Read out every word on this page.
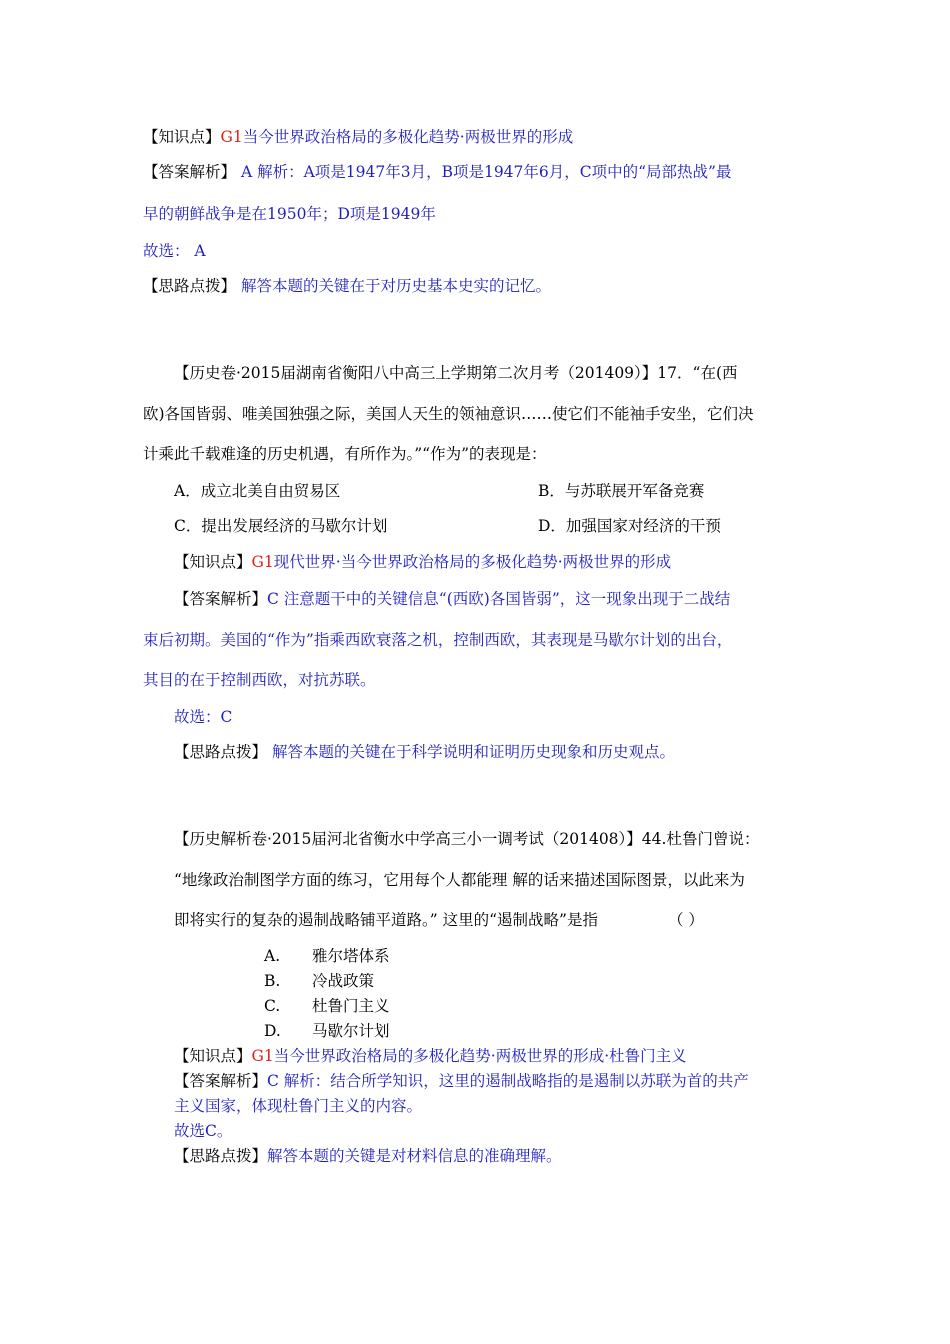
【知识点】G1当今世界政治格局的多极化趋势·两极世界的形成
【答案解析】 A 解析：A项是1947年3月，B项是1947年6月，C项中的“局部热战”最
早的朝鲜战争是在1950年；D项是1949年
故选： A
【思路点拨】 解答本题的关键在于对历史基本史实的记忆。
【历史卷·2015届湖南省衡阳八中高三上学期第二次月考（201409）】17．“在(西
欧)各国皆弱、唯美国独强之际，美国人天生的领袖意识……使它们不能袖手安坐，它们决
计乘此千载难逢的历史机遇，有所作为。”“作为”的表现是：
A．成立北美自由贸易区	B．与苏联展开军备竞赛
C．提出发展经济的马歇尔计划	D．加强国家对经济的干预
【知识点】G1现代世界·当今世界政治格局的多极化趋势·两极世界的形成
【答案解析】C 注意题干中的关键信息“(西欧)各国皆弱”，这一现象出现于二战结
束后初期。美国的“作为”指乘西欧衰落之机，控制西欧，其表现是马歇尔计划的出台，
其目的在于控制西欧，对抗苏联。
故选：C
【思路点拨】 解答本题的关键在于科学说明和证明历史现象和历史观点。
【历史解析卷·2015届河北省衡水中学高三小一调考试（201408）】44.杜鲁门曾说：
“地缘政治制图学方面的练习，它用每个人都能理 解的话来描述国际图景，以此来为
即将实行的复杂的遏制战略铺平道路。” 这里的“遏制战略”是指	（ ）
A. 雅尔塔体系
B. 冷战政策
C. 杜鲁门主义
D. 马歇尔计划
【知识点】G1当今世界政治格局的多极化趋势·两极世界的形成·杜鲁门主义
【答案解析】C 解析：结合所学知识，这里的遏制战略指的是遏制以苏联为首的共产
主义国家，体现杜鲁门主义的内容。
故选C。
【思路点拨】解答本题的关键是对材料信息的准确理解。
